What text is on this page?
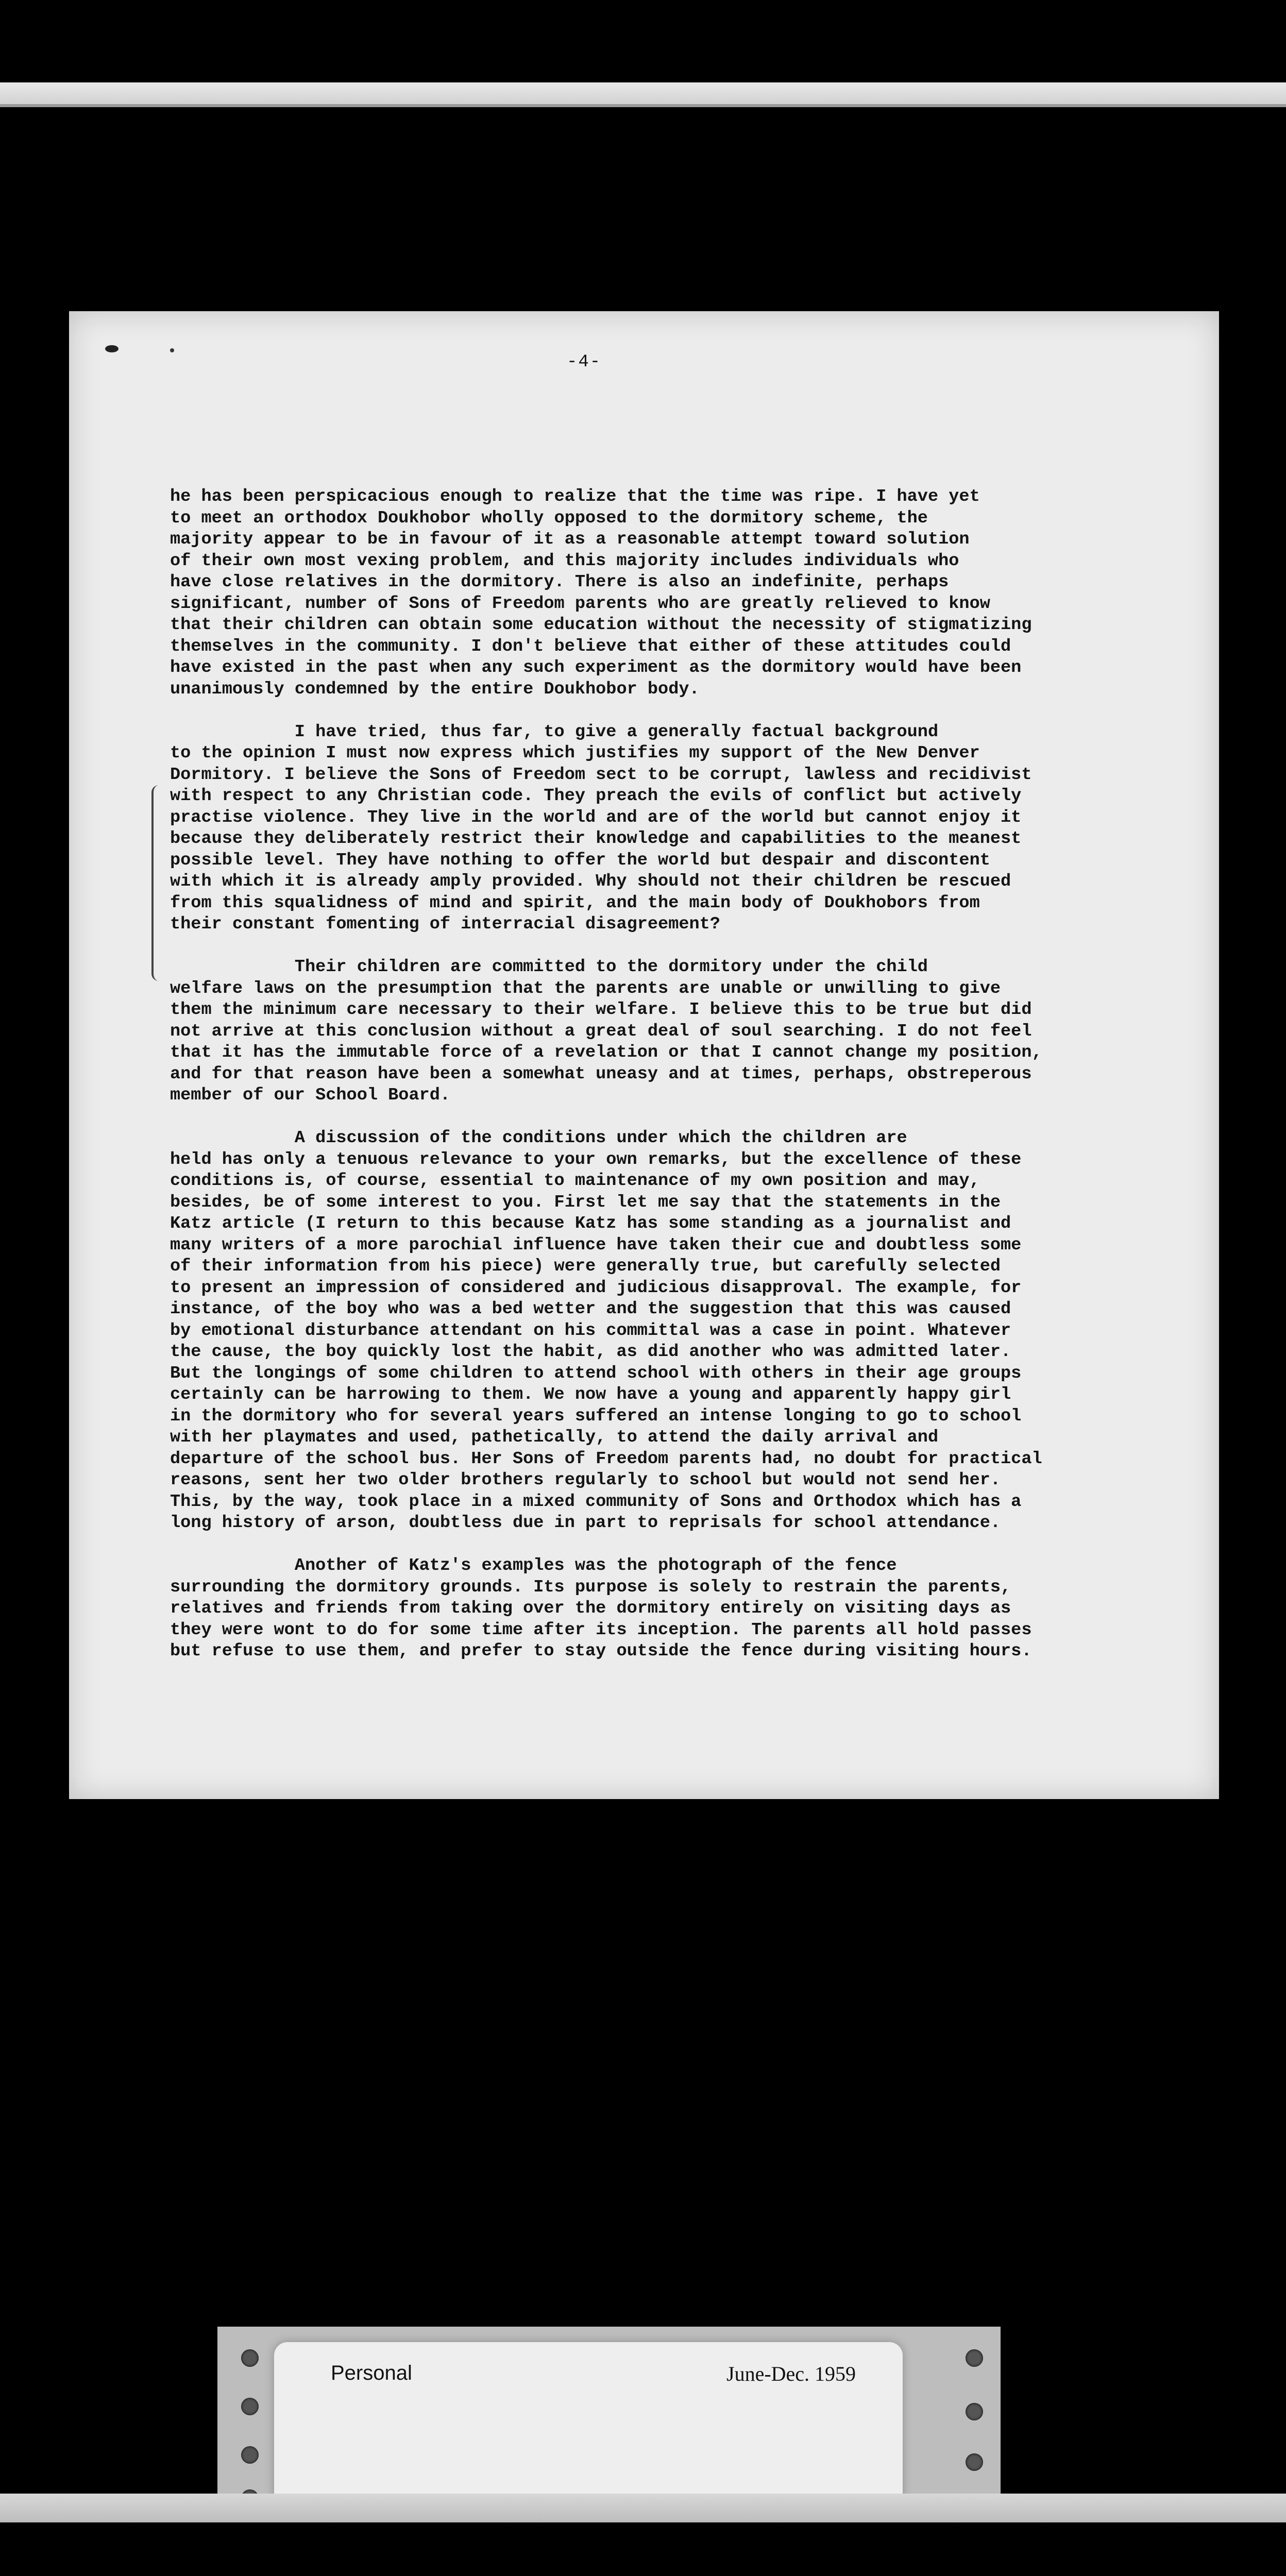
-4-
he has been perspicacious enough to realize that the time was ripe. I have yet
to meet an orthodox Doukhobor wholly opposed to the dormitory scheme, the
majority appear to be in favour of it as a reasonable attempt toward solution
of their own most vexing problem, and this majority includes individuals who
have close relatives in the dormitory. There is also an indefinite, perhaps
significant, number of Sons of Freedom parents who are greatly relieved to know
that their children can obtain some education without the necessity of stigmatizing
themselves in the community. I don't believe that either of these attitudes could
have existed in the past when any such experiment as the dormitory would have been
unanimously condemned by the entire Doukhobor body.
I have tried, thus far, to give a generally factual background
to the opinion I must now express which justifies my support of the New Denver
Dormitory. I believe the Sons of Freedom sect to be corrupt, lawless and recidivist
with respect to any Christian code. They preach the evils of conflict but actively
practise violence. They live in the world and are of the world but cannot enjoy it
because they deliberately restrict their knowledge and capabilities to the meanest
possible level. They have nothing to offer the world but despair and discontent
with which it is already amply provided. Why should not their children be rescued
from this squalidness of mind and spirit, and the main body of Doukhobors from
their constant fomenting of interracial disagreement?
Their children are committed to the dormitory under the child
welfare laws on the presumption that the parents are unable or unwilling to give
them the minimum care necessary to their welfare. I believe this to be true but did
not arrive at this conclusion without a great deal of soul searching. I do not feel
that it has the immutable force of a revelation or that I cannot change my position,
and for that reason have been a somewhat uneasy and at times, perhaps, obstreperous
member of our School Board.
A discussion of the conditions under which the children are
held has only a tenuous relevance to your own remarks, but the excellence of these
conditions is, of course, essential to maintenance of my own position and may,
besides, be of some interest to you. First let me say that the statements in the
Katz article (I return to this because Katz has some standing as a journalist and
many writers of a more parochial influence have taken their cue and doubtless some
of their information from his piece) were generally true, but carefully selected
to present an impression of considered and judicious disapproval. The example, for
instance, of the boy who was a bed wetter and the suggestion that this was caused
by emotional disturbance attendant on his committal was a case in point. Whatever
the cause, the boy quickly lost the habit, as did another who was admitted later.
But the longings of some children to attend school with others in their age groups
certainly can be harrowing to them. We now have a young and apparently happy girl
in the dormitory who for several years suffered an intense longing to go to school
with her playmates and used, pathetically, to attend the daily arrival and
departure of the school bus. Her Sons of Freedom parents had, no doubt for practical
reasons, sent her two older brothers regularly to school but would not send her.
This, by the way, took place in a mixed community of Sons and Orthodox which has a
long history of arson, doubtless due in part to reprisals for school attendance.
Another of Katz's examples was the photograph of the fence
surrounding the dormitory grounds. Its purpose is solely to restrain the parents,
relatives and friends from taking over the dormitory entirely on visiting days as
they were wont to do for some time after its inception. The parents all hold passes
but refuse to use them, and prefer to stay outside the fence during visiting hours.
Personal	June-Dec. 1959
